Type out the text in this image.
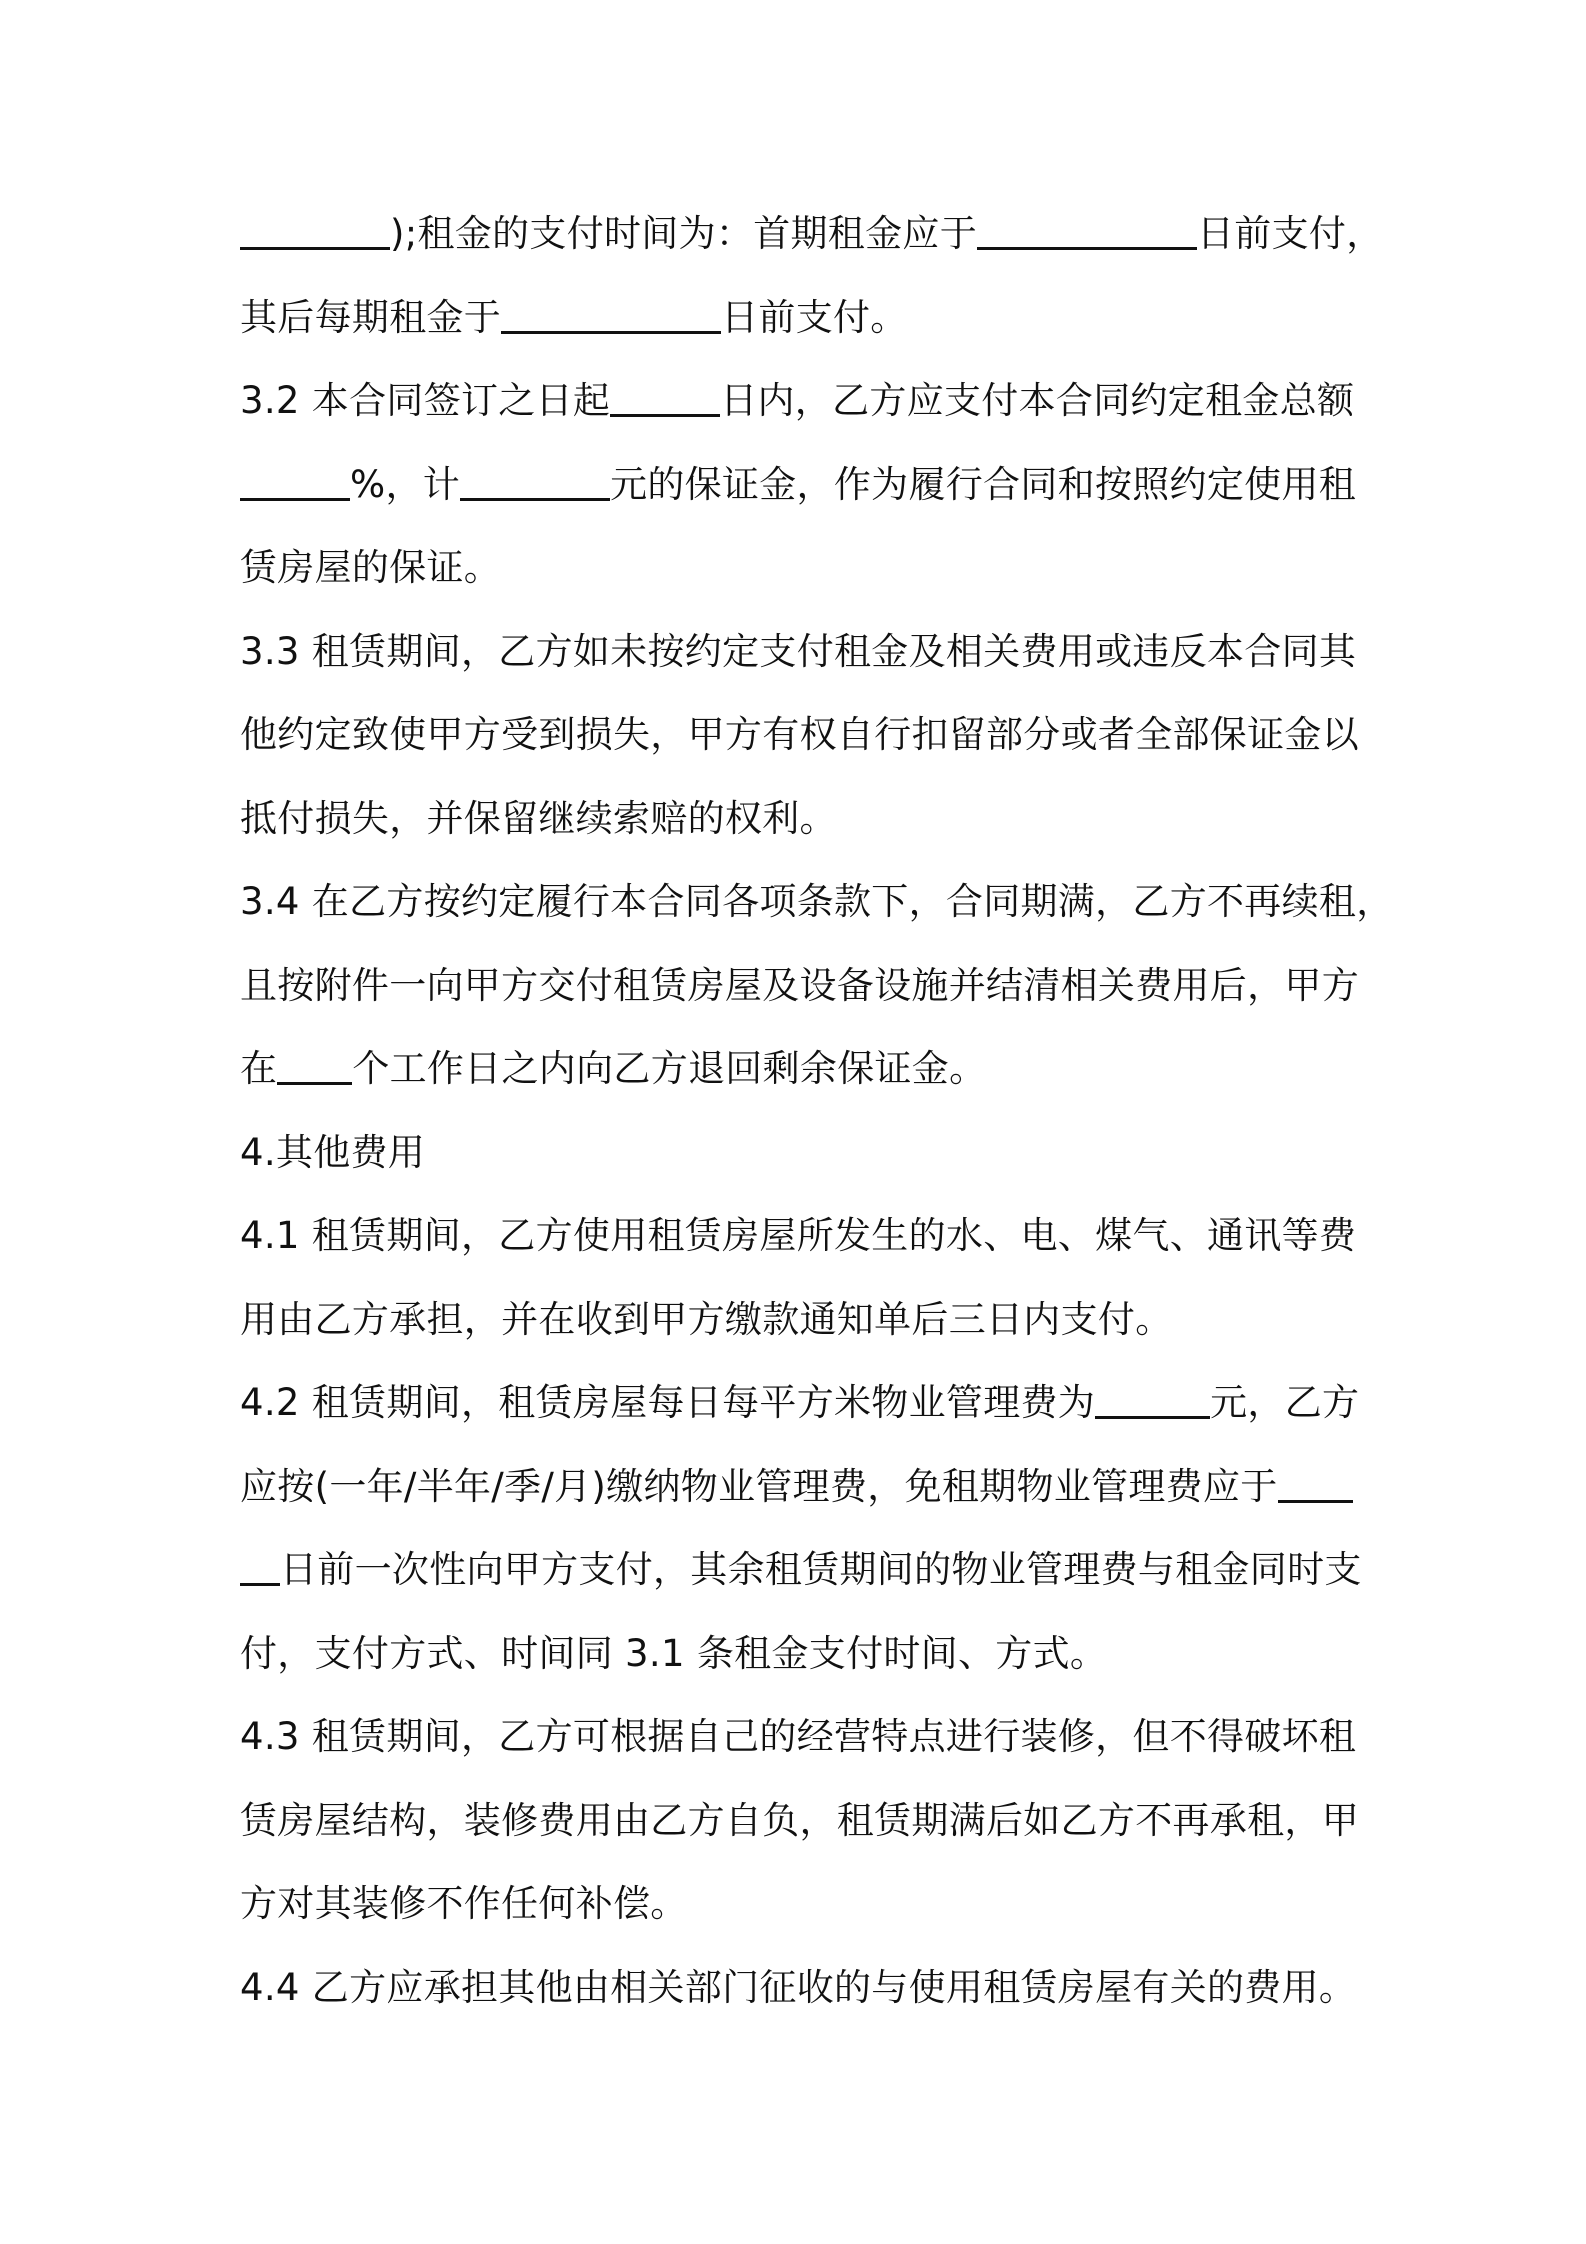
);租金的支付时间为：首期租金应于	日前支付，
其后每期租金于	日前支付。
3.2 本合同签订之日起	日内，乙方应支付本合同约定租金总额
%，计	元的保证金，作为履行合同和按照约定使用租
赁房屋的保证。
3.3 租赁期间，乙方如未按约定支付租金及相关费用或违反本合同其
他约定致使甲方受到损失，甲方有权自行扣留部分或者全部保证金以
抵付损失，并保留继续索赔的权利。
3.4 在乙方按约定履行本合同各项条款下，合同期满，乙方不再续租，
且按附件一向甲方交付租赁房屋及设备设施并结清相关费用后，甲方
在 个工作日之内向乙方退回剩余保证金。
4.其他费用
4.1 租赁期间，乙方使用租赁房屋所发生的水、电、煤气、通讯等费
用由乙方承担，并在收到甲方缴款通知单后三日内支付。
4.2 租赁期间，租赁房屋每日每平方米物业管理费为	元，乙方
应按(一年/半年/季/月)缴纳物业管理费，免租期物业管理费应于
日前一次性向甲方支付，其余租赁期间的物业管理费与租金同时支
付，支付方式、时间同 3.1 条租金支付时间、方式。
4.3 租赁期间，乙方可根据自己的经营特点进行装修，但不得破坏租
赁房屋结构，装修费用由乙方自负，租赁期满后如乙方不再承租，甲
方对其装修不作任何补偿。
4.4 乙方应承担其他由相关部门征收的与使用租赁房屋有关的费用。
